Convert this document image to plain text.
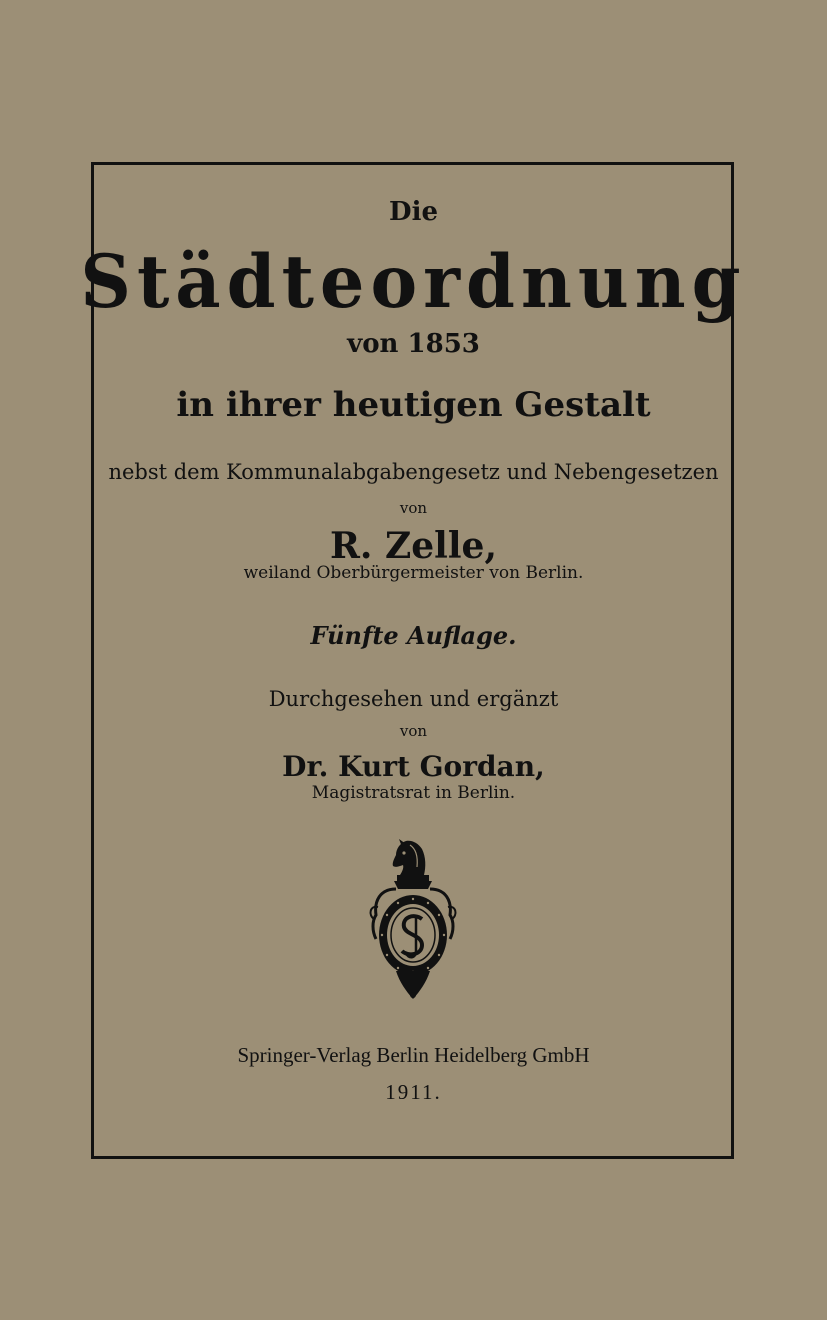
Die
Städteordnung
von 1853
in ihrer heutigen Gestalt
nebst dem Kommunalabgabengesetz und Nebengesetzen
von
R. Zelle,
weiland Oberbürgermeister von Berlin.
Fünfte Auflage.
Durchgesehen und ergänzt
von
Dr. Kurt Gordan,
Magistratsrat in Berlin.
Springer-Verlag Berlin Heidelberg GmbH
1911.
